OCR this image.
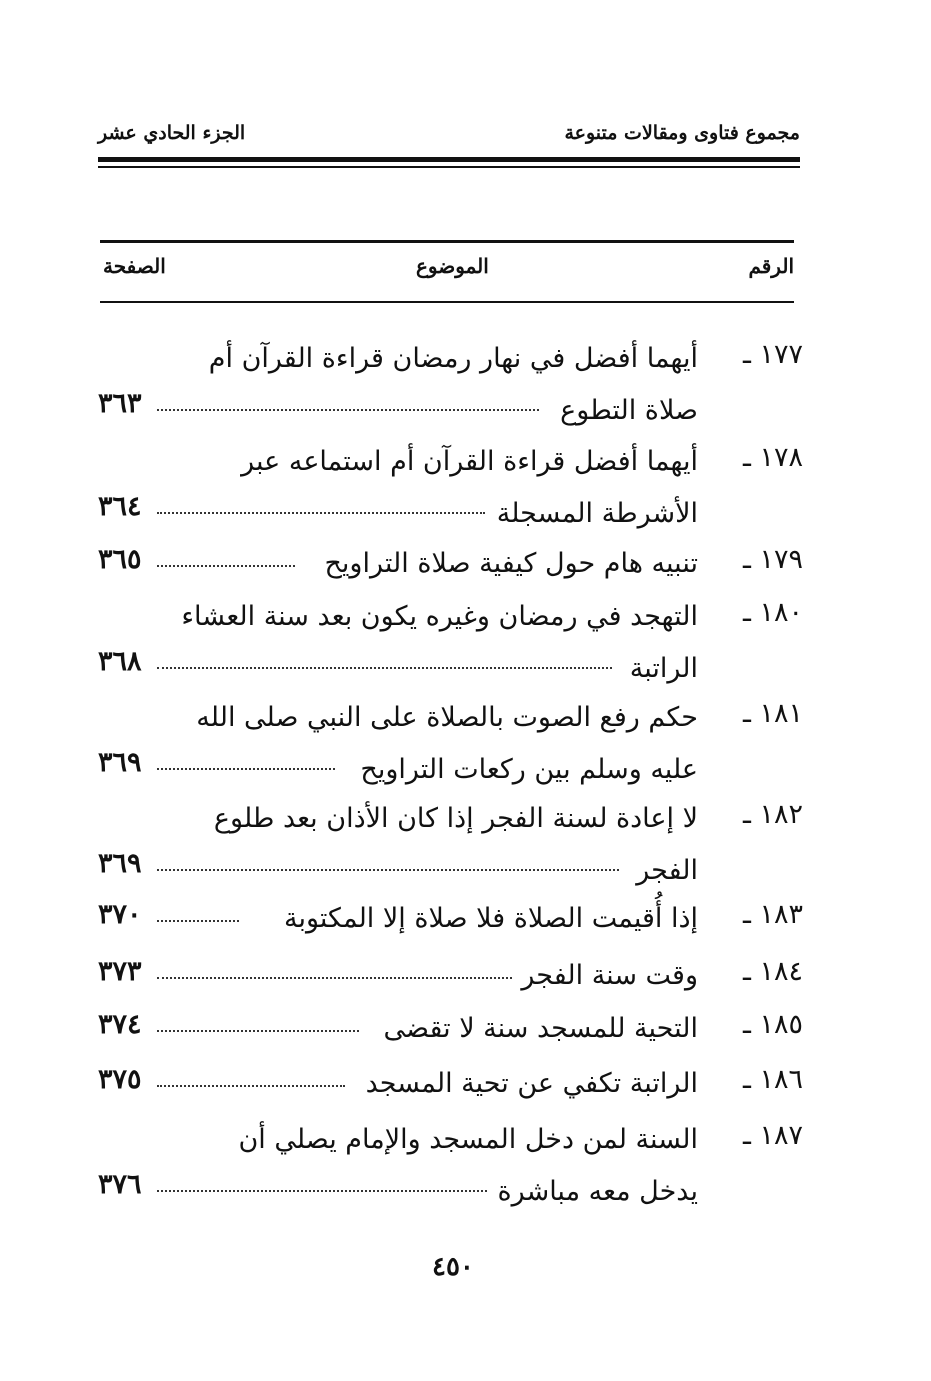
مجموع فتاوى ومقالات متنوعة
الجزء الحادي عشر
الرقم
الموضوع
الصفحة
١٧٧ ـ
أيهما أفضل في نهار رمضان قراءة القرآن أم
صلاة التطوع
٣٦٣
١٧٨ ـ
أيهما أفضل قراءة القرآن أم استماعه عبر
الأشرطة المسجلة
٣٦٤
١٧٩ ـ
تنبيه هام حول كيفية صلاة التراويح
٣٦٥
١٨٠ ـ
التهجد في رمضان وغيره يكون بعد سنة العشاء
الراتبة
٣٦٨
١٨١ ـ
حكم رفع الصوت بالصلاة على النبي صلى الله
عليه وسلم بين ركعات التراويح
٣٦٩
١٨٢ ـ
لا إعادة لسنة الفجر إذا كان الأذان بعد طلوع
الفجر
٣٦٩
١٨٣ ـ
إذا أُقيمت الصلاة فلا صلاة إلا المكتوبة
٣٧٠
١٨٤ ـ
وقت سنة الفجر
٣٧٣
١٨٥ ـ
التحية للمسجد سنة لا تقضى
٣٧٤
١٨٦ ـ
الراتبة تكفي عن تحية المسجد
٣٧٥
١٨٧ ـ
السنة لمن دخل المسجد والإمام يصلي أن
يدخل معه مباشرة
٣٧٦
٤٥٠
